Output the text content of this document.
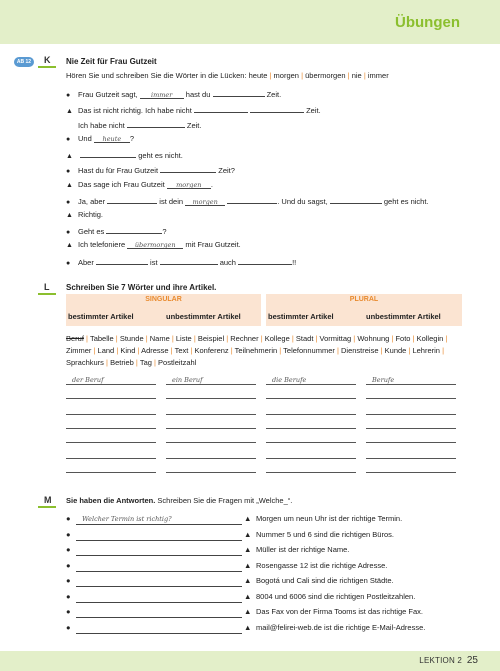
Übungen
AB 12	K Nie Zeit für Frau Gutzeit
Hören Sie und schreiben Sie die Wörter in die Lücken: heute | morgen | übermorgen | nie | immer
● Frau Gutzeit sagt, immer hast du	Zeit.
▲ Das ist nicht richtig. Ich habe nicht	Zeit.
Ich habe nicht	Zeit.
● Und heute ?
▲	geht es nicht.
● Hast du für Frau Gutzeit	Zeit?
▲ Das sage ich Frau Gutzeit morgen .
● Ja, aber	ist dein morgen	. Und du sagst,	geht es nicht.
▲ Richtig.
● Geht es	?
▲ Ich telefoniere übermorgen mit Frau Gutzeit.
● Aber	ist	auch	!!
L Schreiben Sie 7 Wörter und ihre Artikel.
SINGULAR
bestimmter Artikel	unbestimmter Artikel
PLURAL
bestimmter Artikel	unbestimmter Artikel
Beruf | Tabelle | Stunde | Name | Liste | Beispiel | Rechner | Kollege | Stadt | Vormittag | Wohnung | Foto | Kollegin | Zimmer | Land | Kind | Adresse | Text | Konferenz | Teilnehmerin | Telefonnummer | Dienstreise | Kunde | Lehrerin | Sprachkurs | Betrieb | Tag | Postleitzahl
der Beruf	ein Beruf	die Berufe	Berufe
M Sie haben die Antworten. Schreiben Sie die Fragen mit „Welche_“.
● Welcher Termin ist richtig?	▲ Morgen um neun Uhr ist der richtige Termin.
●	▲ Nummer 5 und 6 sind die richtigen Büros.
●	▲ Müller ist der richtige Name.
●	▲ Rosengasse 12 ist die richtige Adresse.
●	▲ Bogotá und Cali sind die richtigen Städte.
●	▲ 8004 und 6006 sind die richtigen Postleitzahlen.
●	▲ Das Fax von der Firma Tooms ist das richtige Fax.
●	▲ mail@felirei-web.de ist die richtige E-Mail-Adresse.
LEKTION 2 25
